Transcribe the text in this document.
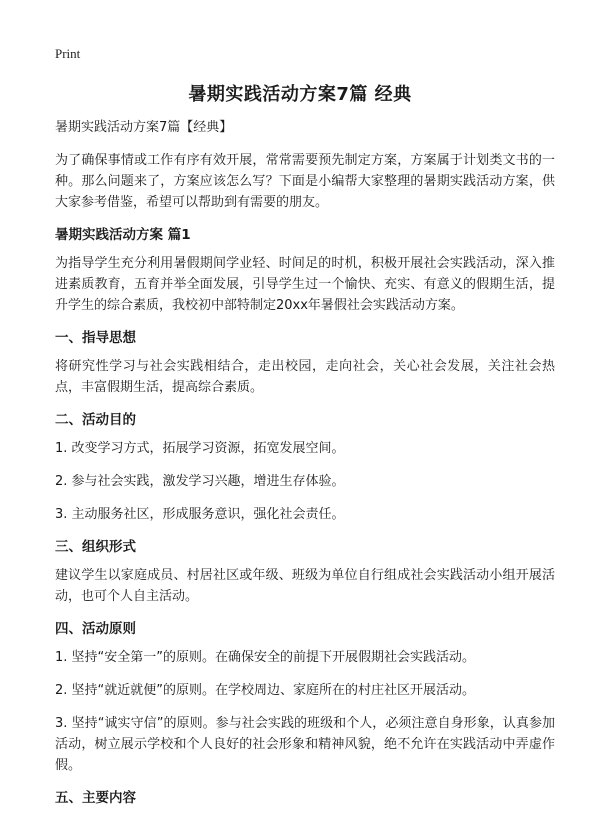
Print
暑期实践活动方案7篇 经典
暑期实践活动方案7篇【经典】
为了确保事情或工作有序有效开展，常常需要预先制定方案，方案属于计划类文书的一种。那么问题来了，方案应该怎么写？下面是小编帮大家整理的暑期实践活动方案，供大家参考借鉴，希望可以帮助到有需要的朋友。
暑期实践活动方案 篇1
为指导学生充分利用暑假期间学业轻、时间足的时机，积极开展社会实践活动，深入推进素质教育，五育并举全面发展，引导学生过一个愉快、充实、有意义的假期生活，提升学生的综合素质，我校初中部特制定20xx年暑假社会实践活动方案。
一、指导思想
将研究性学习与社会实践相结合，走出校园，走向社会，关心社会发展，关注社会热点，丰富假期生活，提高综合素质。
二、活动目的
1. 改变学习方式，拓展学习资源，拓宽发展空间。
2. 参与社会实践，激发学习兴趣，增进生存体验。
3. 主动服务社区，形成服务意识，强化社会责任。
三、组织形式
建议学生以家庭成员、村居社区或年级、班级为单位自行组成社会实践活动小组开展活动，也可个人自主活动。
四、活动原则
1. 坚持“安全第一”的原则。在确保安全的前提下开展假期社会实践活动。
2. 坚持“就近就便”的原则。在学校周边、家庭所在的村庄社区开展活动。
3. 坚持“诚实守信”的原则。参与社会实践的班级和个人，必须注意自身形象，认真参加活动，树立展示学校和个人良好的社会形象和精神风貌，绝不允许在实践活动中弄虚作假。
五、主要内容
